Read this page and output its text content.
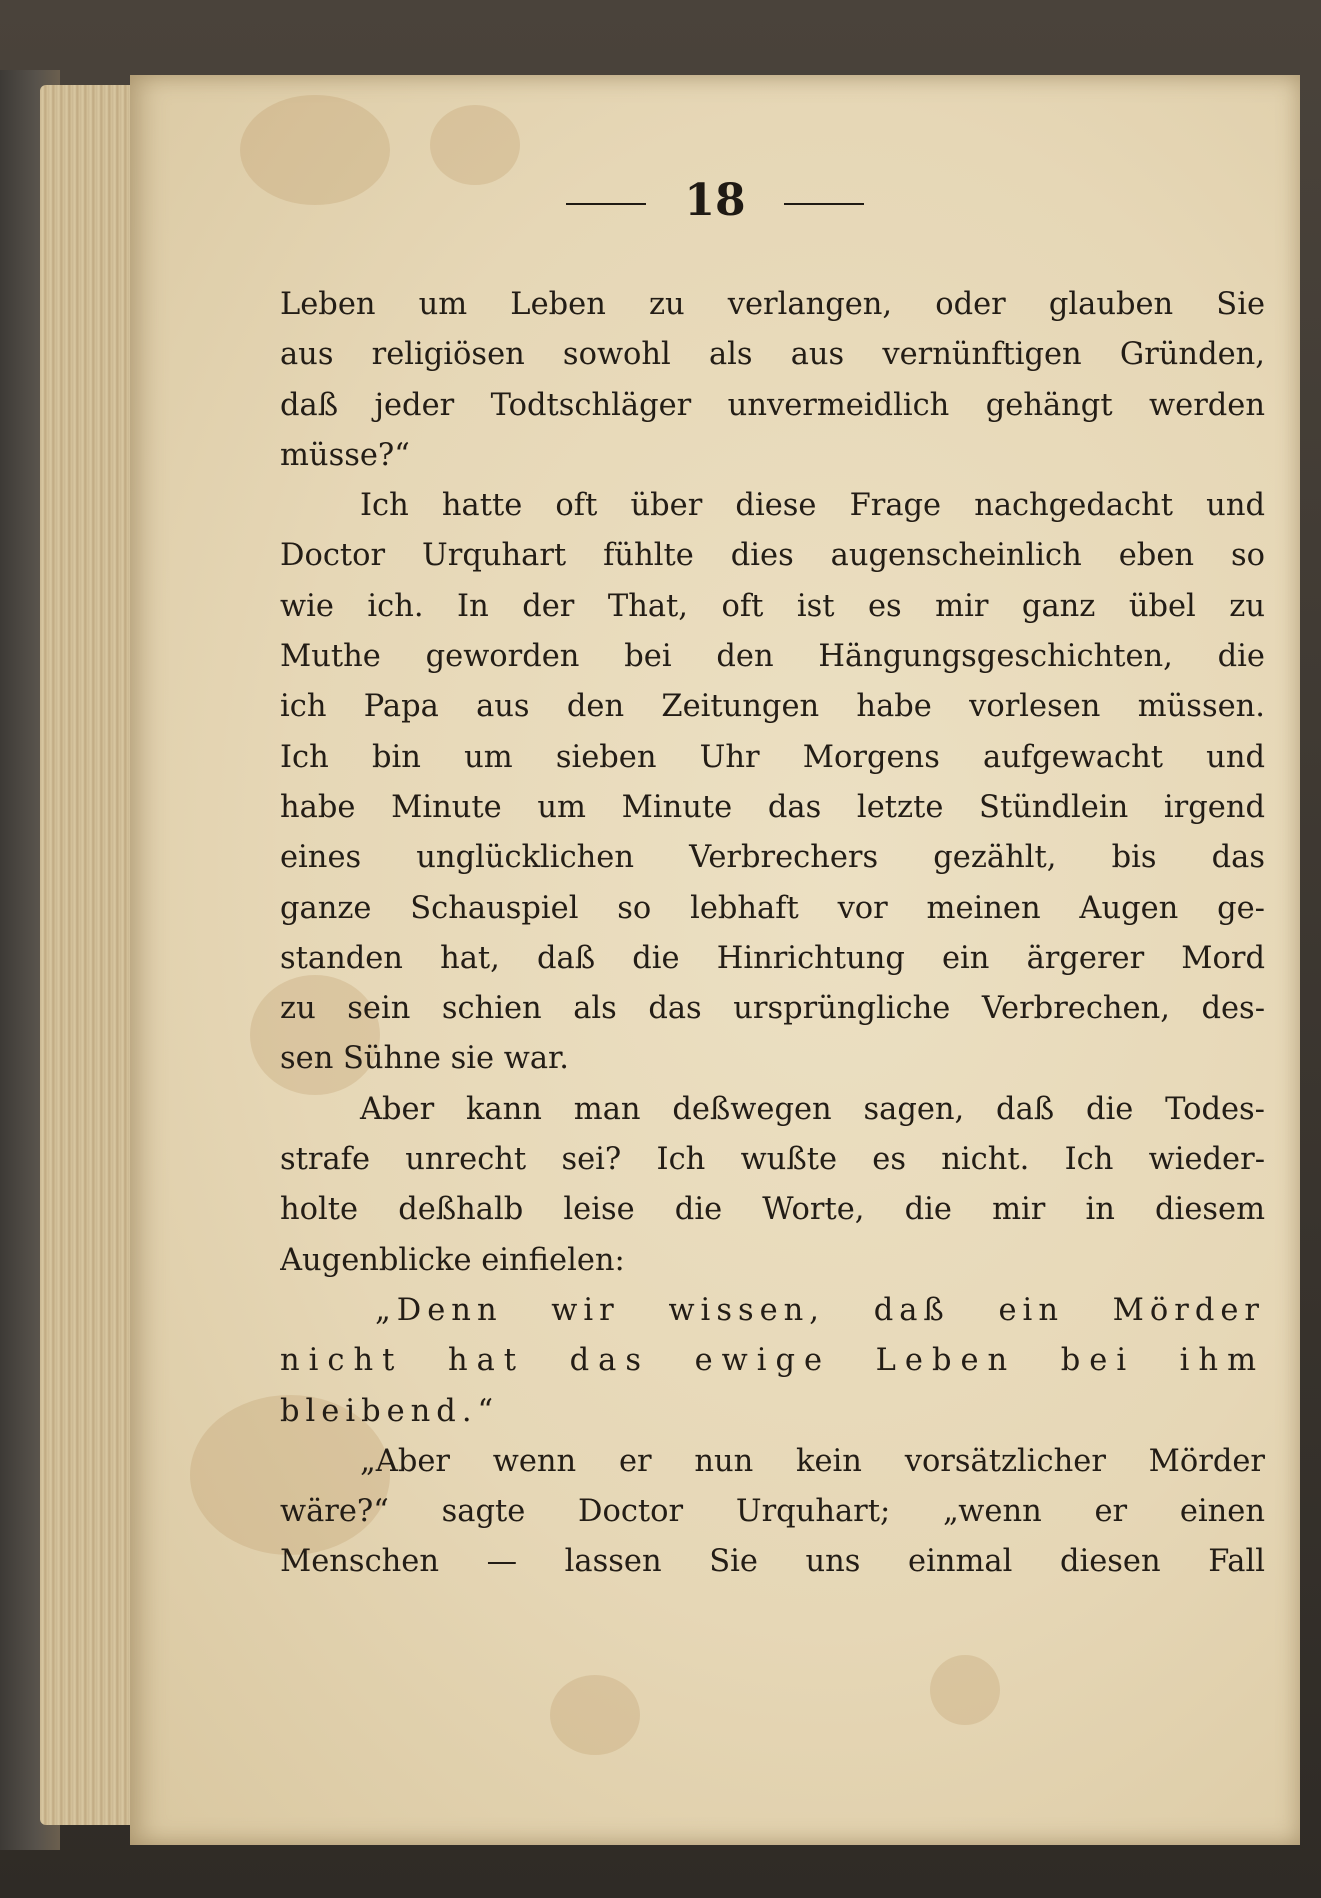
18
Leben um Leben zu verlangen, oder glauben Sie
aus religiösen sowohl als aus vernünftigen Gründen,
daß jeder Todtschläger unvermeidlich gehängt werden
müsse?“
Ich hatte oft über diese Frage nachgedacht und
Doctor Urquhart fühlte dies augenscheinlich eben so
wie ich. In der That, oft ist es mir ganz übel zu
Muthe geworden bei den Hängungsgeschichten, die
ich Papa aus den Zeitungen habe vorlesen müssen.
Ich bin um sieben Uhr Morgens aufgewacht und
habe Minute um Minute das letzte Stündlein irgend
eines unglücklichen Verbrechers gezählt, bis das
ganze Schauspiel so lebhaft vor meinen Augen ge-
standen hat, daß die Hinrichtung ein ärgerer Mord
zu sein schien als das ursprüngliche Verbrechen, des-
sen Sühne sie war.
Aber kann man deßwegen sagen, daß die Todes-
strafe unrecht sei? Ich wußte es nicht. Ich wieder-
holte deßhalb leise die Worte, die mir in diesem
Augenblicke einfielen:
„Denn wir wissen, daß ein Mörder
nicht hat das ewige Leben bei ihm
bleibend.“
„Aber wenn er nun kein vorsätzlicher Mörder
wäre?“ sagte Doctor Urquhart; „wenn er einen
Menschen — lassen Sie uns einmal diesen Fall
